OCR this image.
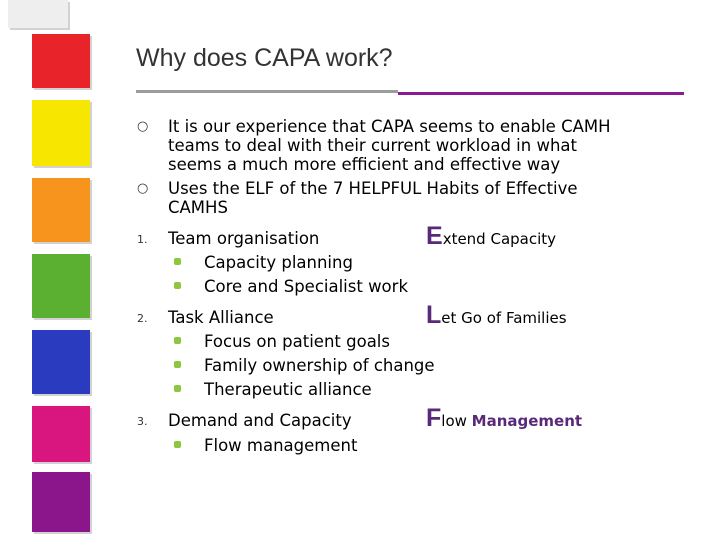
Why does CAPA work?
○ It is our experience that CAPA seems to enable CAMH
teams to deal with their current workload in what
seems a much more efficient and effective way
○ Uses the ELF of the 7 HELPFUL Habits of Effective
CAMHS
1. Team organisation
Capacity planning
Core and Specialist work
Extend Capacity
2. Task Alliance
Focus on patient goals
Family ownership of change
Therapeutic alliance
Let Go of Families
3. Demand and Capacity
Flow management
Flow Management
